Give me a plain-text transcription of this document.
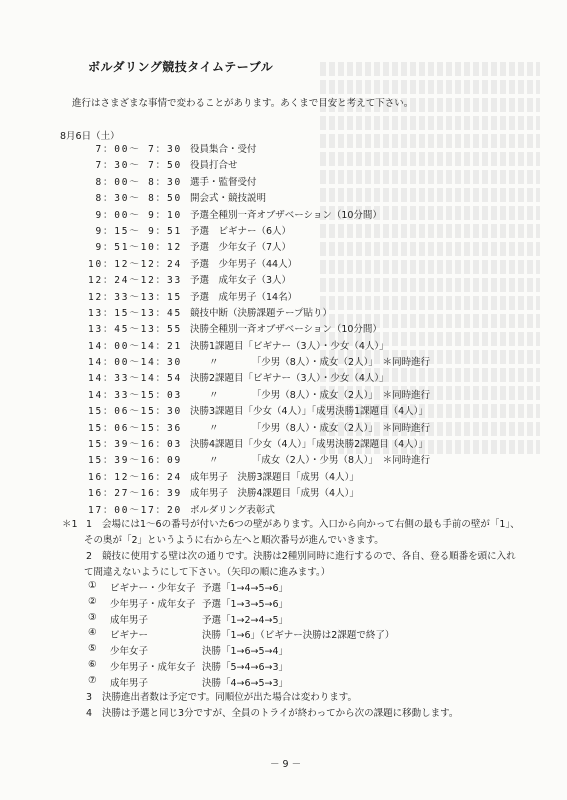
ボルダリング競技タイムテーブル
進行はさまざまな事情で変わることがあります。あくまで目安と考えて下さい。
8月6日（土）
7：00～ 7：30 役員集合・受付
7：30～ 7：50 役員打合せ
8：00～ 8：30 選手・監督受付
8：30～ 8：50 開会式・競技説明
9：00～ 9：10 予選全種別一斉オブザベーション（10分間）
9：15～ 9：51 予選　ビギナー（6人）
9：51～10：12 予選　少年女子（7人）
10：12～12：24 予選　少年男子（44人）
12：24～12：33 予選　成年女子（3人）
12：33～13：15 予選　成年男子（14名）
13：15～13：45 競技中断（決勝課題テープ貼り）
13：45～13：55 決勝全種別一斉オブザベーション（10分間）
14：00～14：21 決勝1課題目「ビギナー（3人）・少女（4人）」
14：00～14：30 　　〃　　　　「少男（8人）・成女（2人）」　＊同時進行
14：33～14：54 決勝2課題目「ビギナー（3人）・少女（4人）」
14：33～15：03 　　〃　　　　「少男（8人）・成女（2人）」　＊同時進行
15：06～15：30 決勝3課題目「少女（4人）」「成男決勝1課題目（4人）」
15：06～15：36 　　〃　　　　「少男（8人）・成女（2人）」　＊同時進行
15：39～16：03 決勝4課題目「少女（4人）」「成男決勝2課題目（4人）」
15：39～16：09 　　〃　　　　「成女（2人）・少男（8人）」　＊同時進行
16：12～16：24 成年男子　決勝3課題目「成男（4人）」
16：27～16：39 成年男子　決勝4課題目「成男（4人）」
17：00～17：20 ボルダリング表彰式
＊1 1 会場には1～6の番号が付いた6つの壁があります。入口から向かって右側の最も手前の壁が「1」、
その奥が「2」というように右から左へと順次番号が進んでいきます。
2 競技に使用する壁は次の通りです。決勝は2種別同時に進行するので、各自、登る順番を頭に入れ
て間違えないようにして下さい。（矢印の順に進みます。）
① ビギナー・少年女子 予選「1→4→5→6」
② 少年男子・成年女子 予選「1→3→5→6」
③ 成年男子	予選「1→2→4→5」
④ ビギナー	決勝「1→6」（ビギナー決勝は2課題で終了）
⑤ 少年女子	決勝「1→6→5→4」
⑥ 少年男子・成年女子 決勝「5→4→6→3」
⑦ 成年男子	決勝「4→6→5→3」
3 決勝進出者数は予定です。同順位が出た場合は変わります。
4 決勝は予選と同じ3分ですが、全員のトライが終わってから次の課題に移動します。
－ 9 －
